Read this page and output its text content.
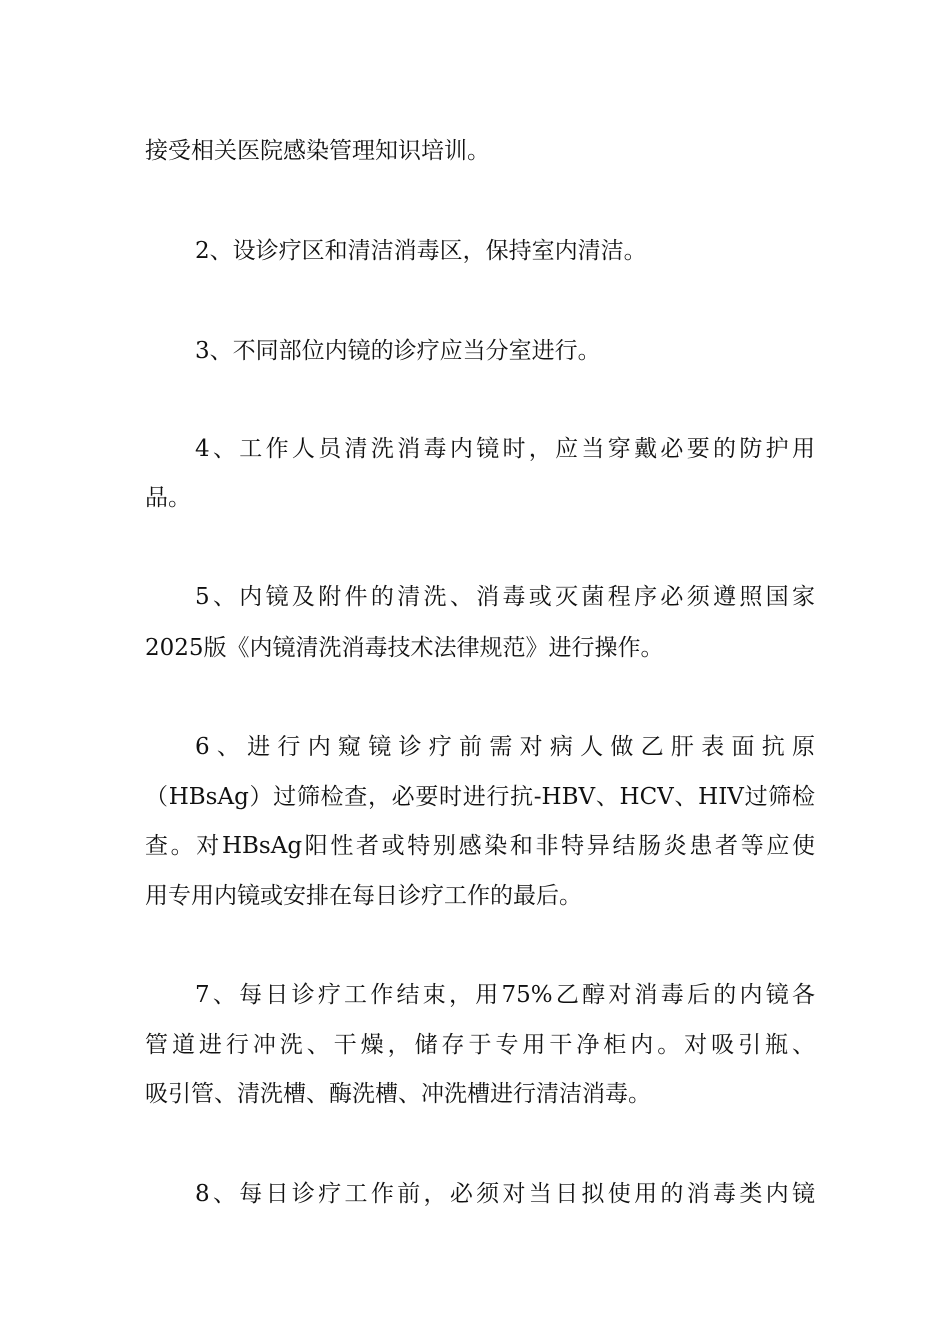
接受相关医院感染管理知识培训。
2、设诊疗区和清洁消毒区，保持室内清洁。
3、不同部位内镜的诊疗应当分室进行。
4、工作人员清洗消毒内镜时，应当穿戴必要的防护用
品。
5、内镜及附件的清洗、消毒或灭菌程序必须遵照国家
2025版《内镜清洗消毒技术法律规范》进行操作。
6、进行内窥镜诊疗前需对病人做乙肝表面抗原
（HBsAg）过筛检查，必要时进行抗-HBV、HCV、HIV过筛检
查。对HBsAg阳性者或特别感染和非特异结肠炎患者等应使
用专用内镜或安排在每日诊疗工作的最后。
7、每日诊疗工作结束，用75%乙醇对消毒后的内镜各
管道进行冲洗、干燥，储存于专用干净柜内。对吸引瓶、
吸引管、清洗槽、酶洗槽、冲洗槽进行清洁消毒。
8、每日诊疗工作前，必须对当日拟使用的消毒类内镜
